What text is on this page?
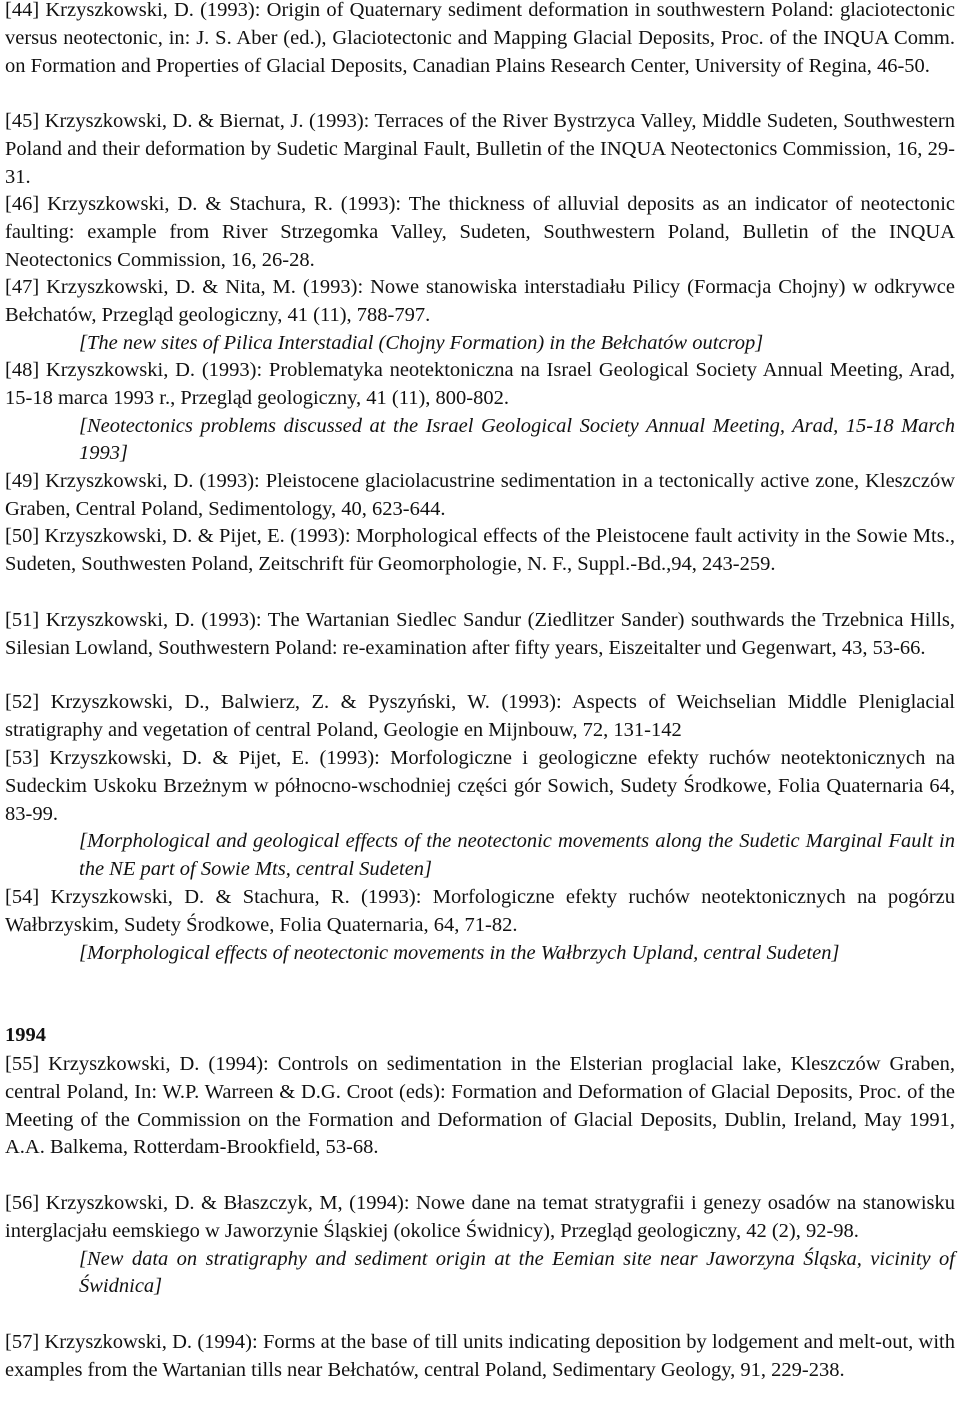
[44] Krzyszkowski, D. (1993): Origin of Quaternary sediment deformation in southwestern Poland: glaciotectonic versus neotectonic, in: J. S. Aber (ed.), Glaciotectonic and Mapping Glacial Deposits, Proc. of the INQUA Comm. on Formation and Properties of Glacial Deposits, Canadian Plains Research Center, University of Regina, 46-50.

[45] Krzyszkowski, D. & Biernat, J. (1993): Terraces of the River Bystrzyca Valley, Middle Sudeten, Southwestern Poland and their deformation by Sudetic Marginal Fault, Bulletin of the INQUA Neotectonics Commission, 16, 29-31.

[46] Krzyszkowski, D. & Stachura, R. (1993): The thickness of alluvial deposits as an indicator of neotectonic faulting: example from River Strzegomka Valley, Sudeten, Southwestern Poland, Bulletin of the INQUA Neotectonics Commission, 16, 26-28.

[47] Krzyszkowski, D. & Nita, M. (1993): Nowe stanowiska interstadiału Pilicy (Formacja Chojny) w odkrywce Bełchatów, Przegląd geologiczny, 41 (11), 788-797.

[The new sites of Pilica Interstadial (Chojny Formation) in the Bełchatów outcrop]

[48] Krzyszkowski, D. (1993): Problematyka neotektoniczna na Israel Geological Society Annual Meeting, Arad, 15-18 marca 1993 r., Przegląd geologiczny, 41 (11), 800-802.

[Neotectonics problems discussed at the Israel Geological Society Annual Meeting, Arad, 15-18 March 1993]

[49] Krzyszkowski, D. (1993): Pleistocene glaciolacustrine sedimentation in a tectonically active zone, Kleszczów Graben, Central Poland, Sedimentology, 40, 623-644.

[50] Krzyszkowski, D. & Pijet, E. (1993): Morphological effects of the Pleistocene fault activity in the Sowie Mts., Sudeten, Southwesten Poland, Zeitschrift für Geomorphologie, N. F., Suppl.-Bd.,94, 243-259.

[51] Krzyszkowski, D. (1993): The Wartanian Siedlec Sandur (Ziedlitzer Sander) southwards the Trzebnica Hills, Silesian Lowland, Southwestern Poland: re-examination after fifty years, Eiszeitalter und Gegenwart, 43, 53-66.

[52] Krzyszkowski, D., Balwierz, Z. & Pyszyński, W. (1993): Aspects of Weichselian Middle Pleniglacial stratigraphy and vegetation of central Poland, Geologie en Mijnbouw, 72, 131-142

[53] Krzyszkowski, D. & Pijet, E. (1993): Morfologiczne i geologiczne efekty ruchów neotektonicznych na Sudeckim Uskoku Brzeżnym w północno-wschodniej części gór Sowich, Sudety Środkowe, Folia Quaternaria 64, 83-99.

[Morphological and geological effects of the neotectonic movements along the Sudetic Marginal Fault in the NE part of Sowie Mts, central Sudeten]

[54] Krzyszkowski, D. & Stachura, R. (1993): Morfologiczne efekty ruchów neotektonicznych na pogórzu Wałbrzyskim, Sudety Środkowe, Folia Quaternaria, 64, 71-82.

[Morphological effects of neotectonic movements in the Wałbrzych Upland, central Sudeten]

1994

[55] Krzyszkowski, D. (1994): Controls on sedimentation in the Elsterian proglacial lake, Kleszczów Graben, central Poland, In: W.P. Warreen & D.G. Croot (eds): Formation and Deformation of Glacial Deposits, Proc. of the Meeting of the Commission on the Formation and Deformation of Glacial Deposits, Dublin, Ireland, May 1991, A.A. Balkema, Rotterdam-Brookfield, 53-68.

[56] Krzyszkowski, D. & Błaszczyk, M, (1994): Nowe dane na temat stratygrafii i genezy osadów na stanowisku interglacjału eemskiego w Jaworzynie Śląskiej (okolice Świdnicy), Przegląd geologiczny, 42 (2), 92-98.

[New data on stratigraphy and sediment origin at the Eemian site near Jaworzyna Śląska, vicinity of Świdnica]

[57] Krzyszkowski, D. (1994): Forms at the base of till units indicating deposition by lodgement and melt-out, with examples from the Wartanian tills near Bełchatów, central Poland, Sedimentary Geology, 91, 229-238.
